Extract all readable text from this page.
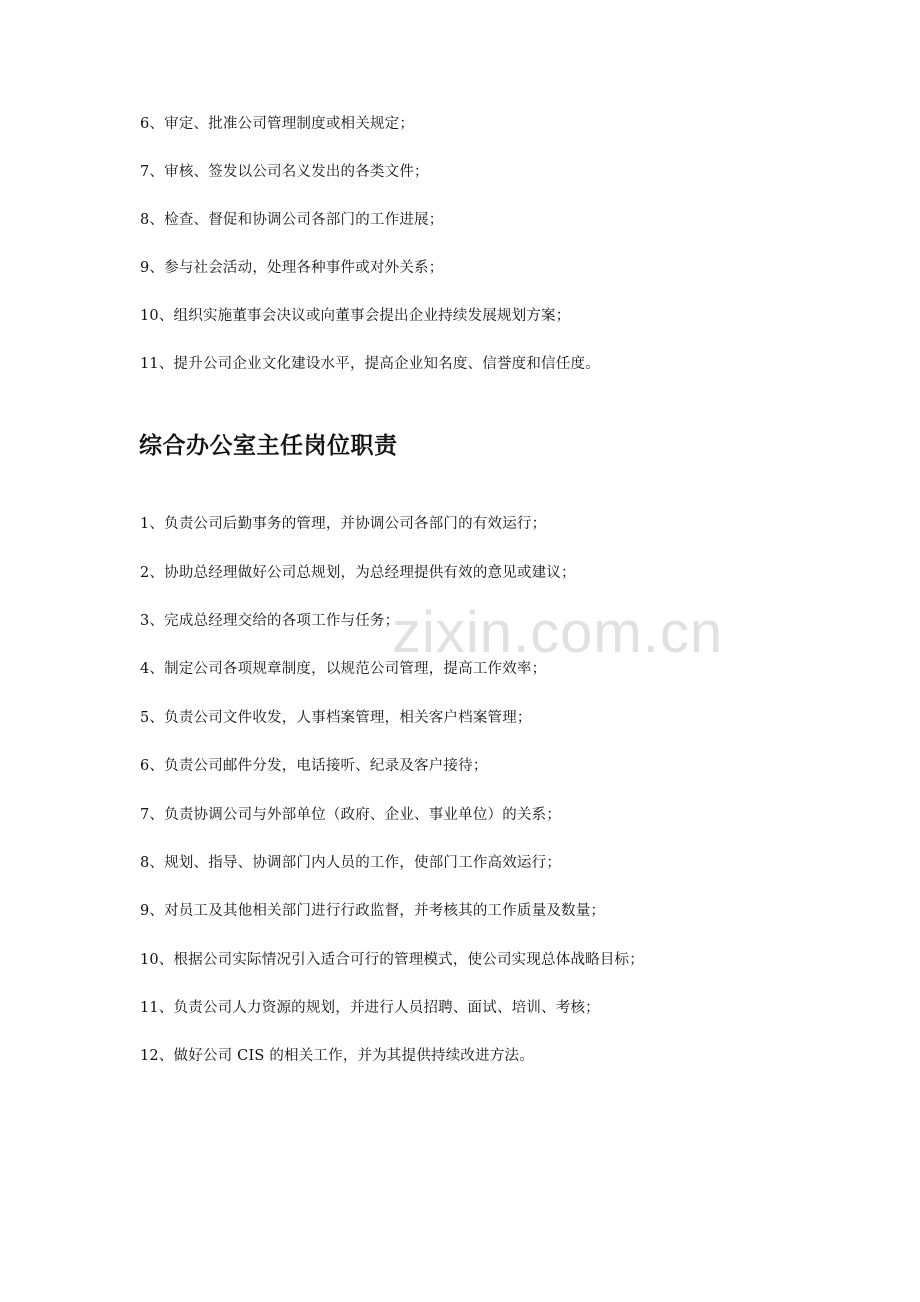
6、审定、批准公司管理制度或相关规定；
7、审核、签发以公司名义发出的各类文件；
8、检查、督促和协调公司各部门的工作进展；
9、参与社会活动，处理各种事件或对外关系；
10、组织实施董事会决议或向董事会提出企业持续发展规划方案；
11、提升公司企业文化建设水平，提高企业知名度、信誉度和信任度。
综合办公室主任岗位职责
1、负责公司后勤事务的管理，并协调公司各部门的有效运行；
2、协助总经理做好公司总规划，为总经理提供有效的意见或建议；
3、完成总经理交给的各项工作与任务；
4、制定公司各项规章制度，以规范公司管理，提高工作效率；
5、负责公司文件收发，人事档案管理，相关客户档案管理；
6、负责公司邮件分发，电话接听、纪录及客户接待；
7、负责协调公司与外部单位（政府、企业、事业单位）的关系；
8、规划、指导、协调部门内人员的工作，使部门工作高效运行；
9、对员工及其他相关部门进行行政监督，并考核其的工作质量及数量；
10、根据公司实际情况引入适合可行的管理模式，使公司实现总体战略目标；
11、负责公司人力资源的规划，并进行人员招聘、面试、培训、考核；
12、做好公司 CIS 的相关工作，并为其提供持续改进方法。
zixin.com.cn
